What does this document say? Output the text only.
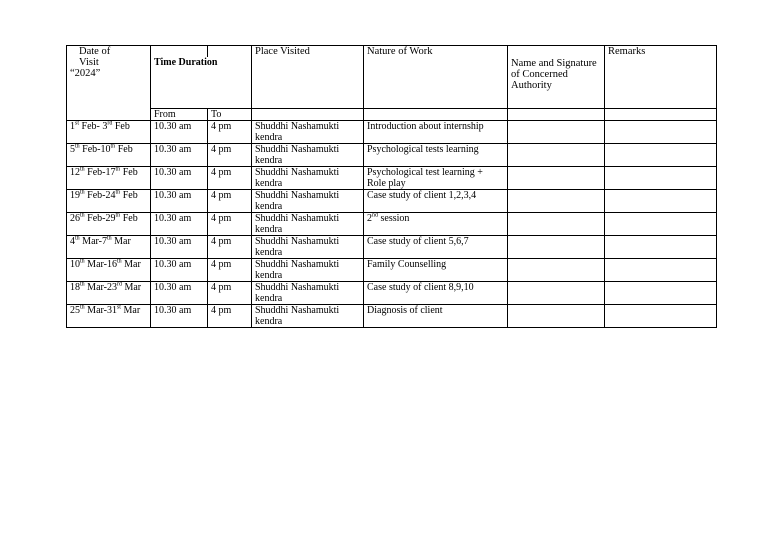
Date of
Visit
“2024”	Time Duration		Place Visited	Nature of Work	Name and Signature of Concerned Authority	Remarks
	From	To				
1st Feb- 3rd Feb	10.30 am	4 pm	Shuddhi Nashamukti kendra	Introduction about internship		
5th Feb-10th Feb	10.30 am	4 pm	Shuddhi Nashamukti kendra	Psychological tests learning		
12th Feb-17th Feb	10.30 am	4 pm	Shuddhi Nashamukti kendra	Psychological test learning + Role play		
19th Feb-24th Feb	10.30 am	4 pm	Shuddhi Nashamukti kendra	Case study of client 1,2,3,4		
26th Feb-29th Feb	10.30 am	4 pm	Shuddhi Nashamukti kendra	2nd session		
4th Mar-7th Mar	10.30 am	4 pm	Shuddhi Nashamukti kendra	Case study of client 5,6,7		
10th Mar-16th Mar	10.30 am	4 pm	Shuddhi Nashamukti kendra	Family Counselling		
18th Mar-23rd Mar	10.30 am	4 pm	Shuddhi Nashamukti kendra	Case study of client 8,9,10		
25th Mar-31st Mar	10.30 am	4 pm	Shuddhi Nashamukti kendra	Diagnosis of client		
